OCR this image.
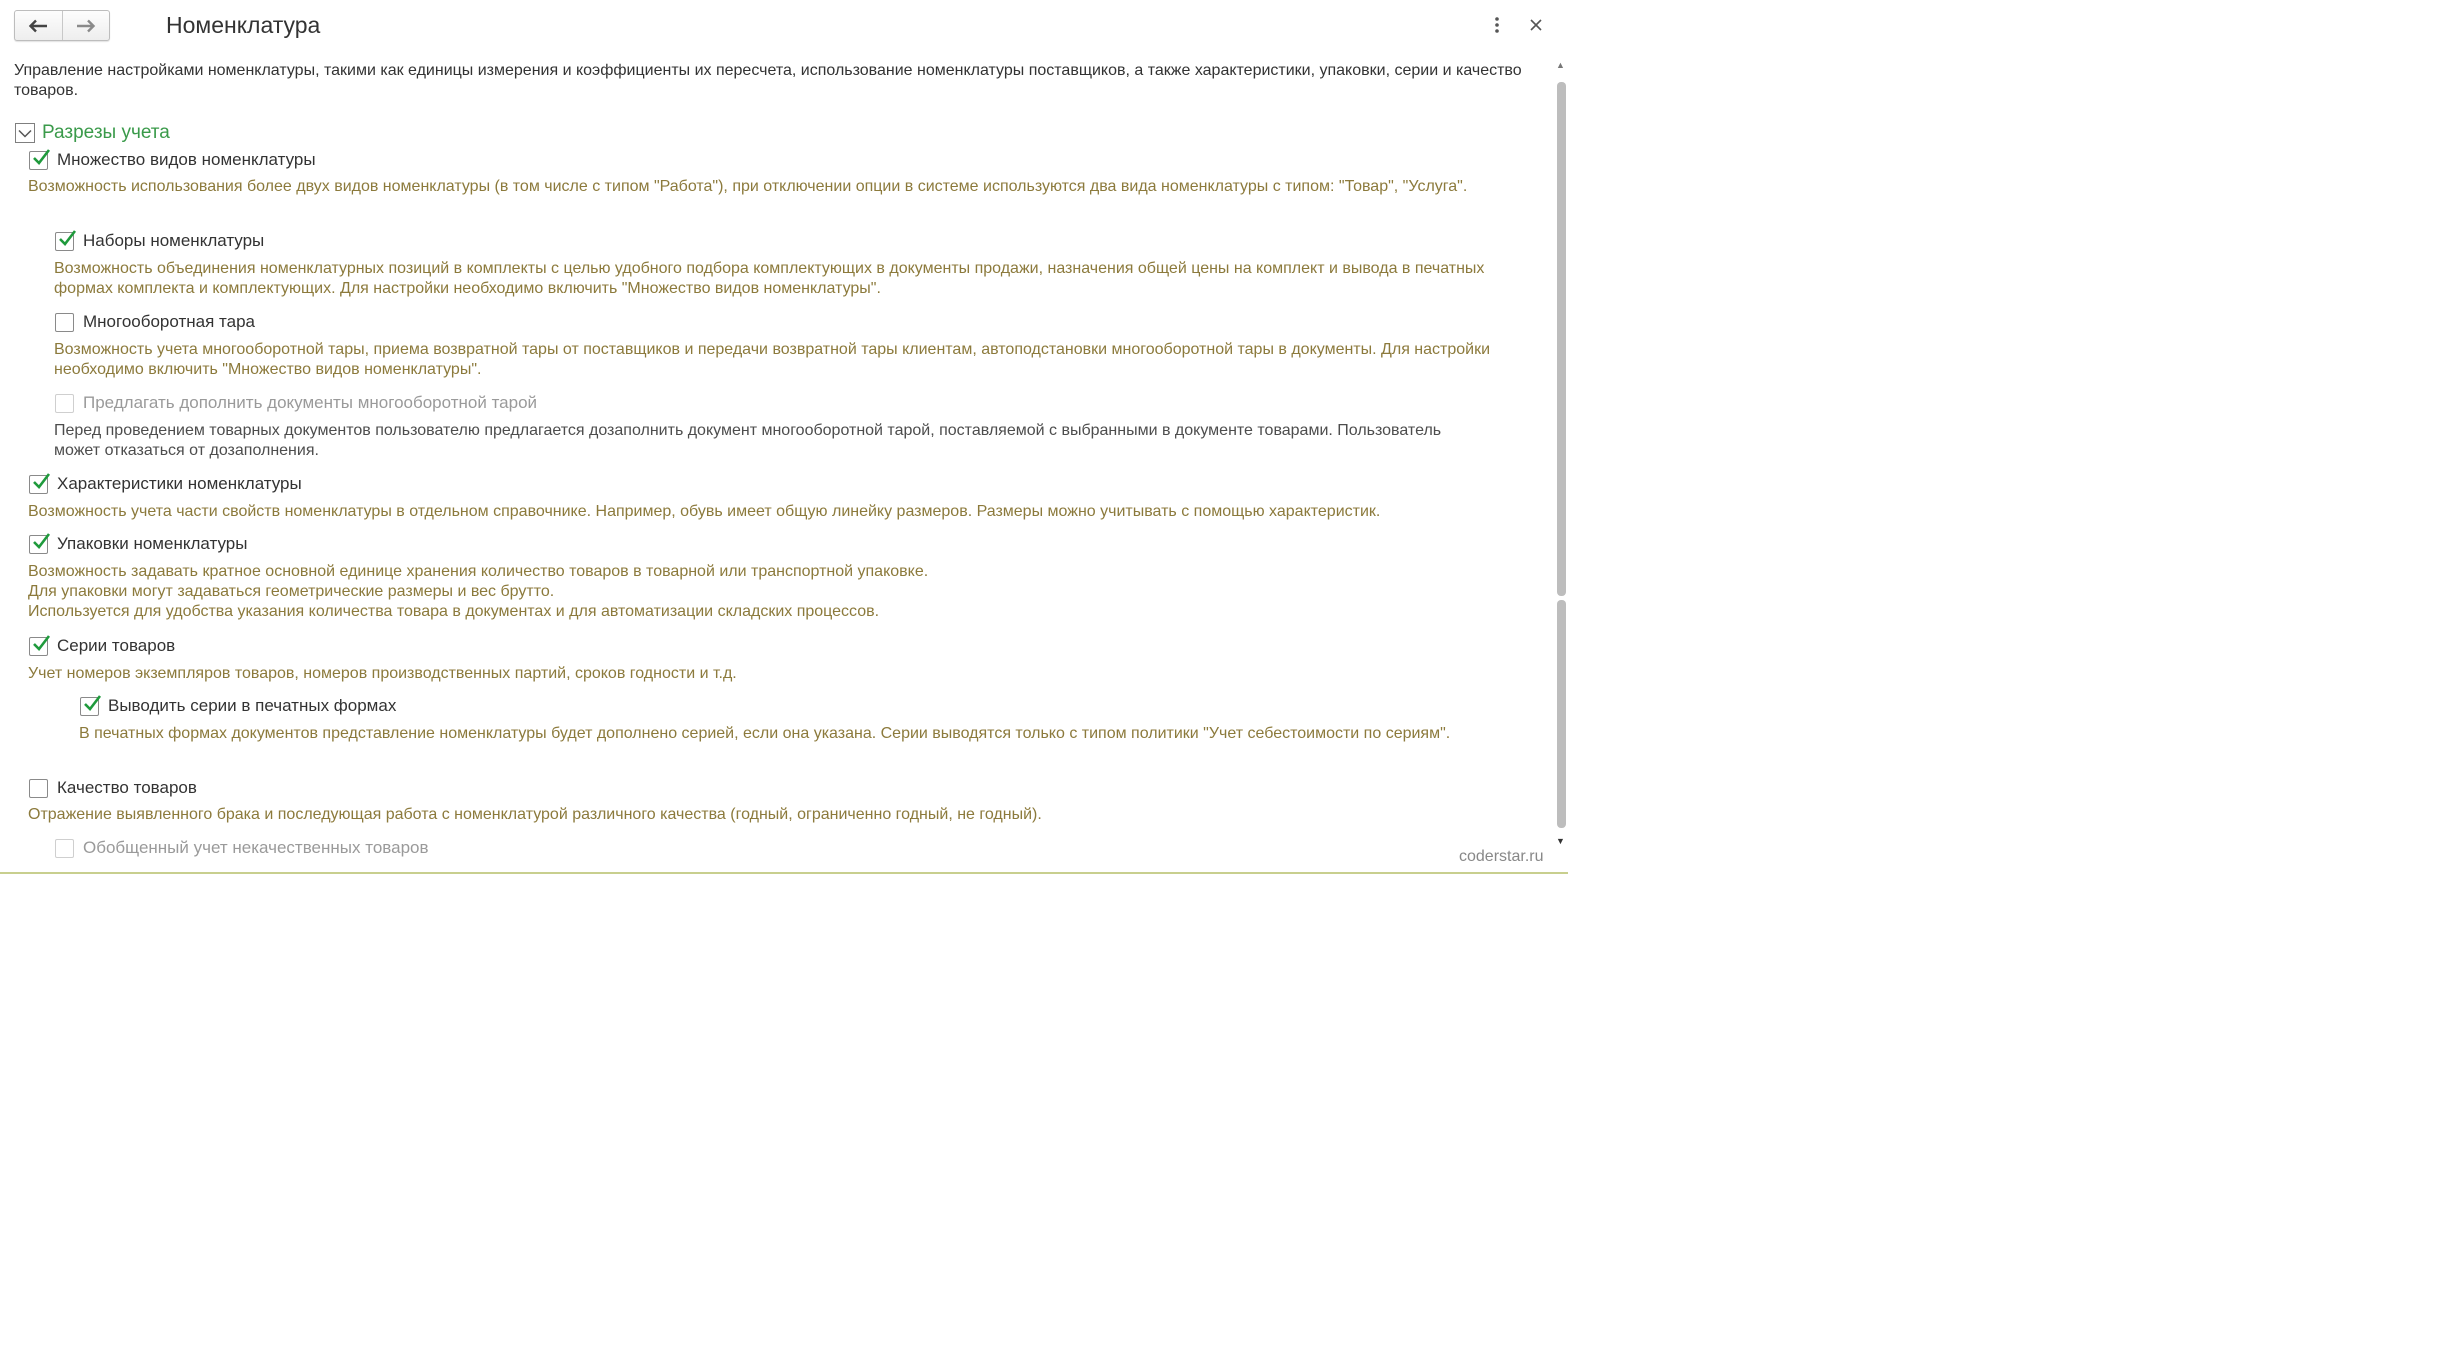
Номенклатура
Управление настройками номенклатуры, такими как единицы измерения и коэффициенты их пересчета, использование номенклатуры поставщиков, а также характеристики, упаковки, серии и качество товаров.
Разрезы учета
Множество видов номенклатуры
Возможность использования более двух видов номенклатуры (в том числе с типом "Работа"), при отключении опции в системе используются два вида номенклатуры с типом: "Товар", "Услуга".
Наборы номенклатуры
Возможность объединения номенклатурных позиций в комплекты с целью удобного подбора комплектующих в документы продажи, назначения общей цены на комплект и вывода в печатных формах комплекта и комплектующих. Для настройки необходимо включить "Множество видов номенклатуры".
Многооборотная тара
Возможность учета многооборотной тары, приема возвратной тары от поставщиков и передачи возвратной тары клиентам, автоподстановки многооборотной тары в документы. Для настройки необходимо включить "Множество видов номенклатуры".
Предлагать дополнить документы многооборотной тарой
Перед проведением товарных документов пользователю предлагается дозаполнить документ многооборотной тарой, поставляемой с выбранными в документе товарами. Пользователь может отказаться от дозаполнения.
Характеристики номенклатуры
Возможность учета части свойств номенклатуры в отдельном справочнике. Например, обувь имеет общую линейку размеров. Размеры можно учитывать с помощью характеристик.
Упаковки номенклатуры
Возможность задавать кратное основной единице хранения количество товаров в товарной или транспортной упаковке.
Для упаковки могут задаваться геометрические размеры и вес брутто.
Используется для удобства указания количества товара в документах и для автоматизации складских процессов.
Серии товаров
Учет номеров экземпляров товаров, номеров производственных партий, сроков годности и т.д.
Выводить серии в печатных формах
В печатных формах документов представление номенклатуры будет дополнено серией, если она указана. Серии выводятся только с типом политики "Учет себестоимости по сериям".
Качество товаров
Отражение выявленного брака и последующая работа с номенклатурой различного качества (годный, ограниченно годный, не годный).
Обобщенный учет некачественных товаров
▲
▼
coderstar.ru
